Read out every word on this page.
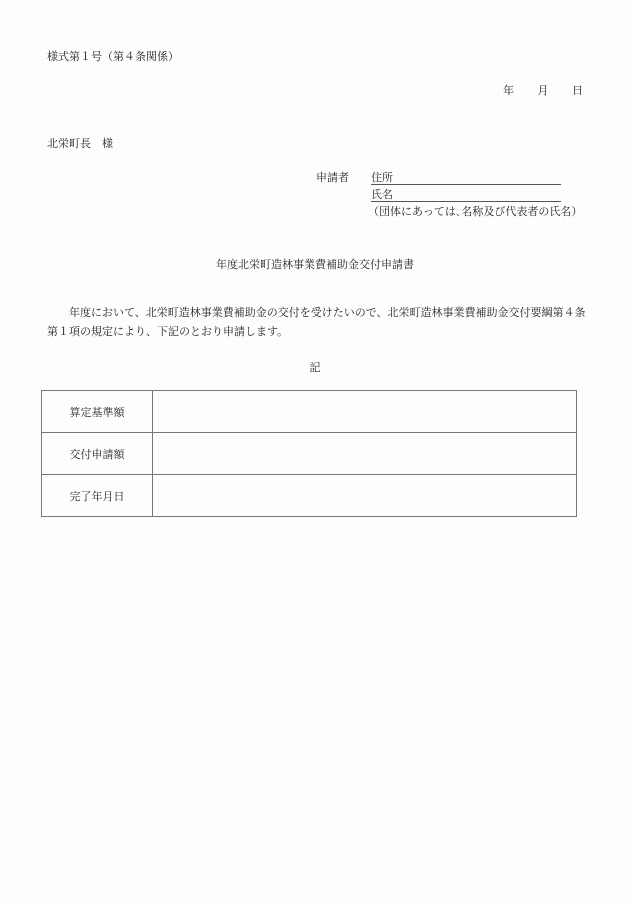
様式第１号（第４条関係）
年 月 日
北栄町長　様
申請者 住所
氏名
（団体にあっては､名称及び代表者の氏名）
年度北栄町造林事業費補助金交付申請書
年度において、北栄町造林事業費補助金の交付を受けたいので、北栄町造林事業費補助金交付要綱第４条第１項の規定により、下記のとおり申請します。
記
算定基準額	
交付申請額	
完了年月日	
